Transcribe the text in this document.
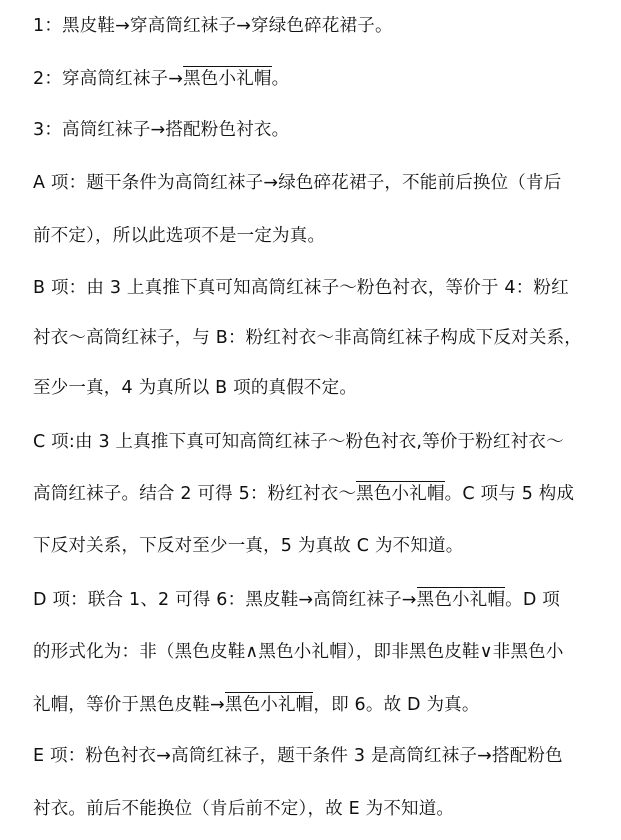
1：黑皮鞋→穿高筒红袜子→穿绿色碎花裙子。
2：穿高筒红袜子→黑色小礼帽。
3：高筒红袜子→搭配粉色衬衣。
A 项：题干条件为高筒红袜子→绿色碎花裙子，不能前后换位（肯后
前不定），所以此选项不是一定为真。
B 项：由 3 上真推下真可知高筒红袜子～粉色衬衣，等价于 4：粉红
衬衣～高筒红袜子，与 B：粉红衬衣～非高筒红袜子构成下反对关系，
至少一真，4 为真所以 B 项的真假不定。
C 项:由 3 上真推下真可知高筒红袜子～粉色衬衣,等价于粉红衬衣～
高筒红袜子。结合 2 可得 5：粉红衬衣～黑色小礼帽。C 项与 5 构成
下反对关系，下反对至少一真，5 为真故 C 为不知道。
D 项：联合 1、2 可得 6：黑皮鞋→高筒红袜子→黑色小礼帽。D 项
的形式化为：非（黑色皮鞋∧黑色小礼帽），即非黑色皮鞋∨非黑色小
礼帽，等价于黑色皮鞋→黑色小礼帽，即 6。故 D 为真。
E 项：粉色衬衣→高筒红袜子，题干条件 3 是高筒红袜子→搭配粉色
衬衣。前后不能换位（肯后前不定），故 E 为不知道。
